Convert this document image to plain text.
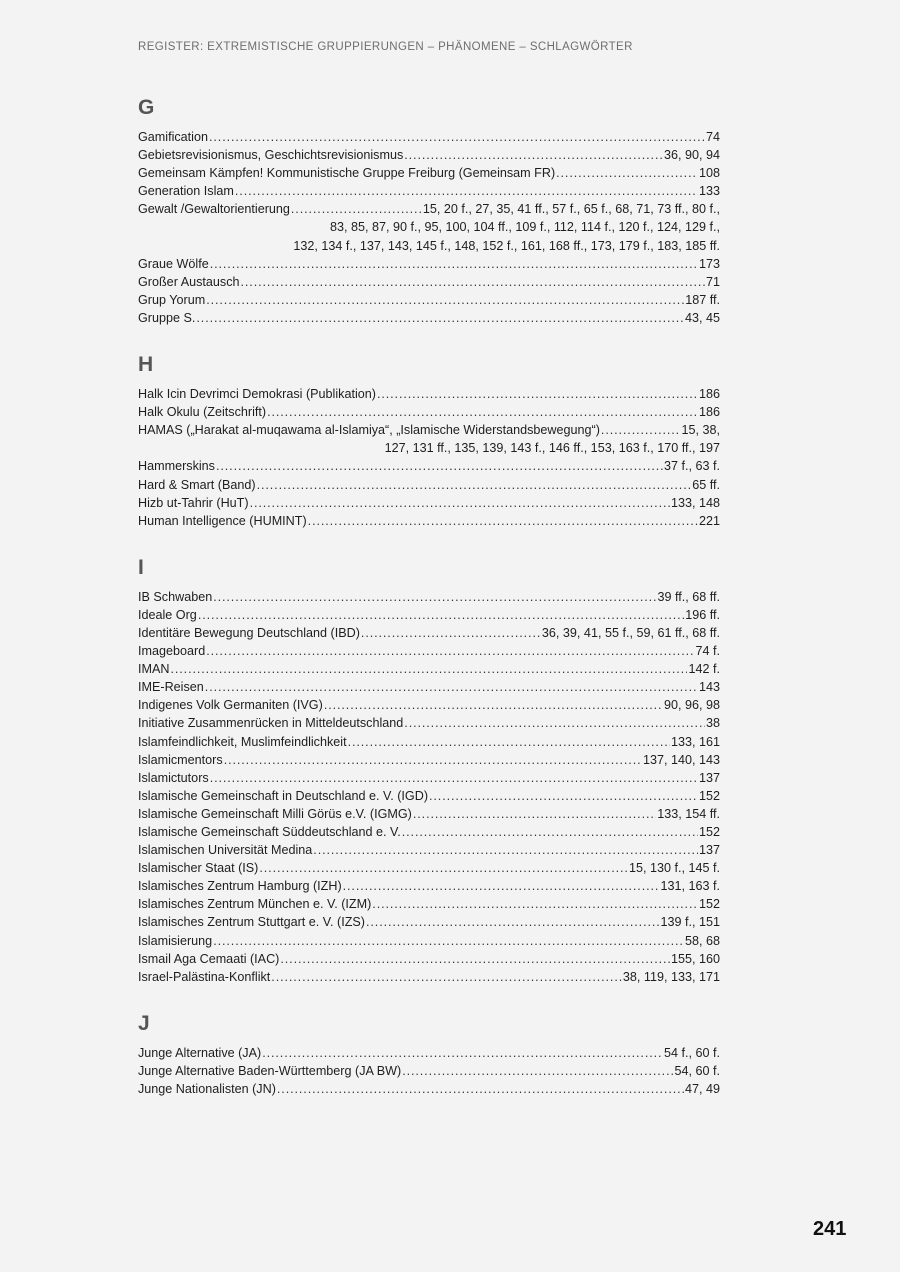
REGISTER: EXTREMISTISCHE GRUPPIERUNGEN – PHÄNOMENE – SCHLAGWÖRTER
G
Gamification . . .	74
Gebietsrevisionismus, Geschichtsrevisionismus . . .	36, 90, 94
Gemeinsam Kämpfen! Kommunistische Gruppe Freiburg (Gemeinsam FR) . . .	108
Generation Islam . . .	133
Gewalt /Gewaltorientierung . . .	15, 20 f., 27, 35, 41 ff., 57 f., 65 f., 68, 71, 73 ff., 80 f.,
83, 85, 87, 90 f., 95, 100, 104 ff., 109 f., 112, 114 f., 120 f., 124, 129 f.,
132, 134 f., 137, 143, 145 f., 148, 152 f., 161, 168 ff., 173, 179 f., 183, 185 ff.
Graue Wölfe . . .	173
Großer Austausch . . .	71
Grup Yorum . . .	187 ff.
Gruppe S. . . .	43, 45
H
Halk Icin Devrimci Demokrasi (Publikation) . . .	186
Halk Okulu (Zeitschrift) . . .	186
HAMAS („Harakat al-muqawama al-Islamiya“, „Islamische Widerstandsbewegung“) . . .	15, 38,
127, 131 ff., 135, 139, 143 f., 146 ff., 153, 163 f., 170 ff., 197
Hammerskins . . .	37 f., 63 f.
Hard & Smart (Band) . . .	65 ff.
Hizb ut-Tahrir (HuT) . . .	133, 148
Human Intelligence (HUMINT) . . .	221
I
IB Schwaben . . .	39 ff., 68 ff.
Ideale Org . . .	196 ff.
Identitäre Bewegung Deutschland (IBD) . . .	36, 39, 41, 55 f., 59, 61 ff., 68 ff.
Imageboard . . .	74 f.
IMAN . . .	142 f.
IME-Reisen . . .	143
Indigenes Volk Germaniten (IVG) . . .	90, 96, 98
Initiative Zusammenrücken in Mitteldeutschland . . .	38
Islamfeindlichkeit, Muslimfeindlichkeit . . .	133, 161
Islamicmentors . . .	137, 140, 143
Islamictutors . . .	137
Islamische Gemeinschaft in Deutschland e. V. (IGD) . . .	152
Islamische Gemeinschaft Milli Görüs e.V. (IGMG) . . .	133, 154 ff.
Islamische Gemeinschaft Süddeutschland e. V. . . .	152
Islamischen Universität Medina . . .	137
Islamischer Staat (IS) . . .	15, 130 f., 145 f.
Islamisches Zentrum Hamburg (IZH) . . .	131, 163 f.
Islamisches Zentrum München e. V. (IZM) . . .	152
Islamisches Zentrum Stuttgart e. V. (IZS) . . .	139 f., 151
Islamisierung . . .	58, 68
Ismail Aga Cemaati (IAC) . . .	155, 160
Israel-Palästina-Konflikt . . .	38, 119, 133, 171
J
Junge Alternative (JA) . . .	54 f., 60 f.
Junge Alternative Baden-Württemberg (JA BW) . . .	54, 60 f.
Junge Nationalisten (JN) . . .	47, 49
241
